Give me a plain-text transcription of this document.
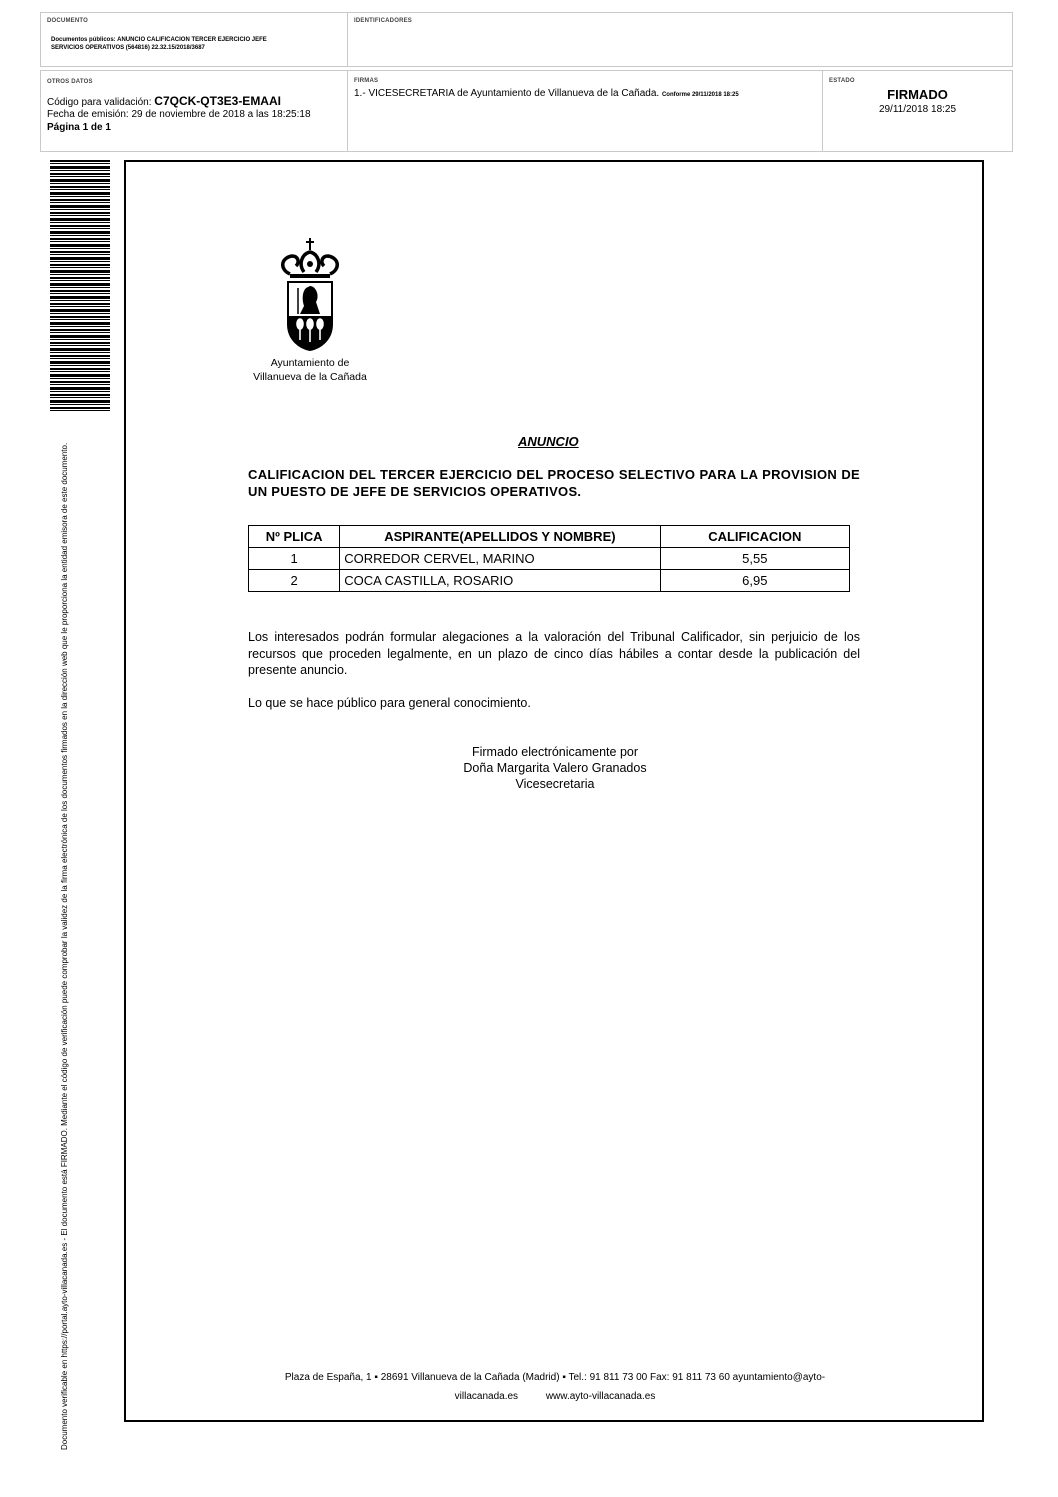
DOCUMENTO
Documentos públicos: ANUNCIO CALIFICACION TERCER EJERCICIO JEFE
SERVICIOS OPERATIVOS (564816) 22.32.15/2018/3687
IDENTIFICADORES
OTROS DATOS
Código para validación: C7QCK-QT3E3-EMAAI
Fecha de emisión: 29 de noviembre de 2018 a las 18:25:18
Página 1 de 1
FIRMAS
1.- VICESECRETARIA de Ayuntamiento de Villanueva de la Cañada. Conforme 29/11/2018 18:25
ESTADO
FIRMADO
29/11/2018 18:25
Documento verificable en https://portal.ayto-villacanada.es - El documento está FIRMADO. Mediante el código de verificación puede comprobar la validez de la firma electrónica de los documentos firmados en la dirección web que le proporciona la entidad emisora de este documento.
Ayuntamiento de
Villanueva de la Cañada
ANUNCIO
CALIFICACION DEL TERCER EJERCICIO DEL PROCESO SELECTIVO PARA LA PROVISION DE UN PUESTO DE JEFE DE SERVICIOS OPERATIVOS.
Nº PLICA	ASPIRANTE(APELLIDOS Y NOMBRE)	CALIFICACION
1	CORREDOR CERVEL, MARINO	5,55
2	COCA CASTILLA, ROSARIO	6,95
Los interesados podrán formular alegaciones a la valoración del Tribunal Calificador, sin perjuicio de los recursos que proceden legalmente, en un plazo de cinco días hábiles a contar desde la publicación del presente anuncio.
Lo que se hace público para general conocimiento.
Firmado electrónicamente por
Doña Margarita Valero Granados
Vicesecretaria
Plaza de España, 1 ▪ 28691 Villanueva de la Cañada (Madrid) ▪ Tel.: 91 811 73 00 Fax: 91 811 73 60 ayuntamiento@ayto-
villacanada.es          www.ayto-villacanada.es
